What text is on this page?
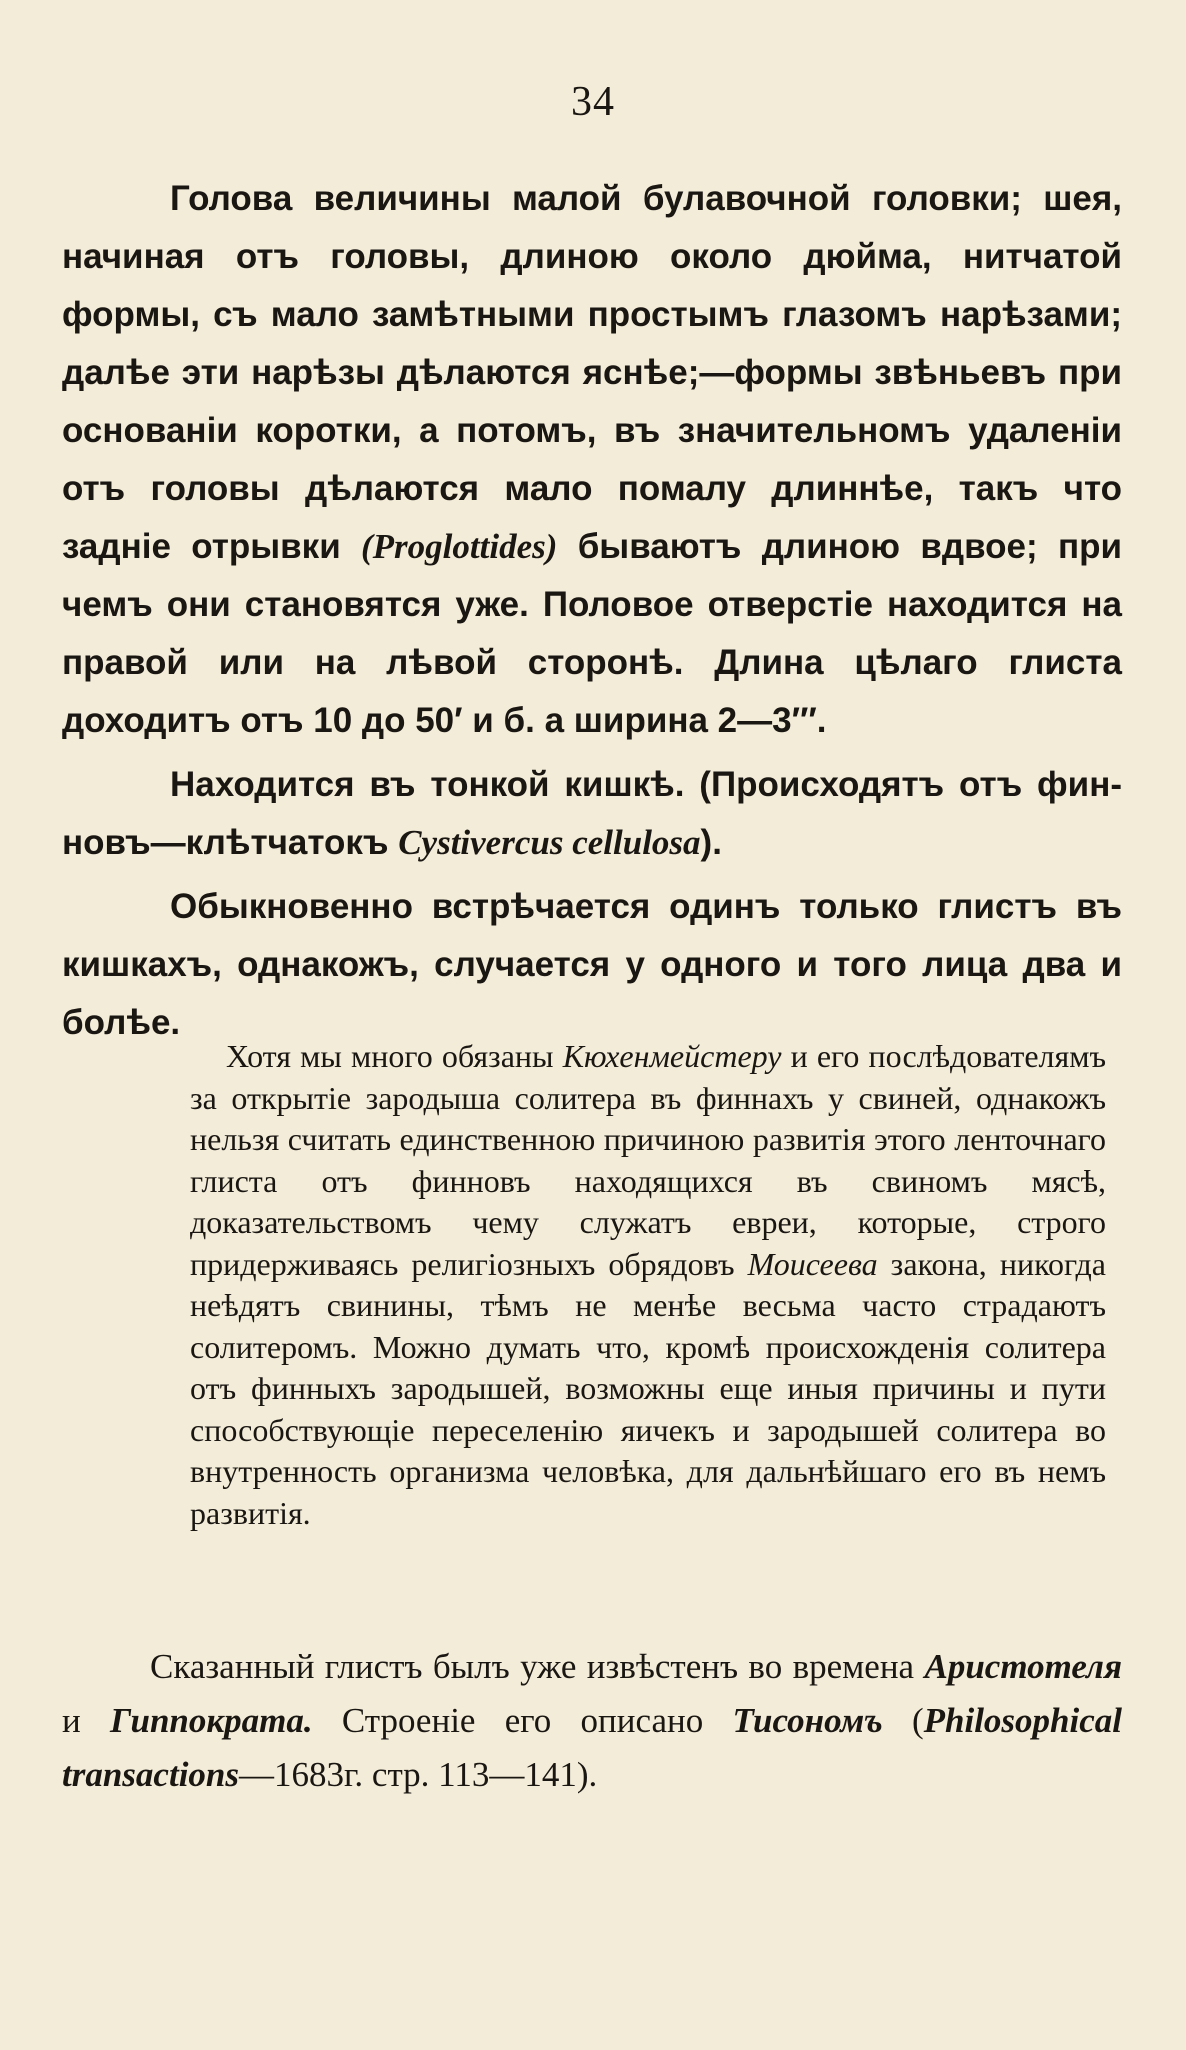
34

Голова величины малой булавочной головки; шея, начиная отъ головы, длиною около дюйма, нитчатой формы, съ мало замѣтными простымъ глазомъ нарѣзами; далѣе эти нарѣзы дѣлаются яснѣе;—формы звѣньевъ при основанiи коротки, а потомъ, въ значительномъ удаленiи отъ головы дѣлаются мало помалу длиннѣе, такъ что заднiе отрывки (Proglottides) бываютъ длиною вдвое; при чемъ они становятся уже. Половое отверстiе находится на правой или на лѣвой сторонѣ. Длина цѣлаго глиста доходитъ отъ 10 до 50′ и б. а ширина 2—3″′.

Находится въ тонкой кишкѣ. (Происходятъ отъ финновъ—клѣтчатокъ Cystivercus cellulosa).

Обыкновенно встрѣчается одинъ только глистъ въ кишкахъ, однакожъ, случается у одного и того лица два и болѣе.

Хотя мы много обязаны Кюхенмейстеру и его послѣдователямъ за открытiе зародыша солитера въ финнахъ у свиней, однакожъ нельзя считать единственною причиною развитiя этого ленточнаго глиста отъ финновъ находящихся въ свиномъ мясѣ, доказательствомъ чему служатъ евреи, которые, строго придерживаясь религiозныхъ обрядовъ Моисеева закона, никогда неѣдятъ свинины, тѣмъ не менѣе весьма часто страдаютъ солитеромъ. Можно думать что, кромѣ происхожденiя солитера отъ финныхъ зародышей, возможны еще иныя причины и пути способствующiе переселенiю яичекъ и зародышей солитера во внутренность организма человѣка, для дальнѣйшаго его въ немъ развитiя.

Сказанный глистъ былъ уже извѣстенъ во времена Аристотеля и Гиппократа. Строенiе его описано Тисономъ (Philosophical transactions—1683г. стр. 113—141).
